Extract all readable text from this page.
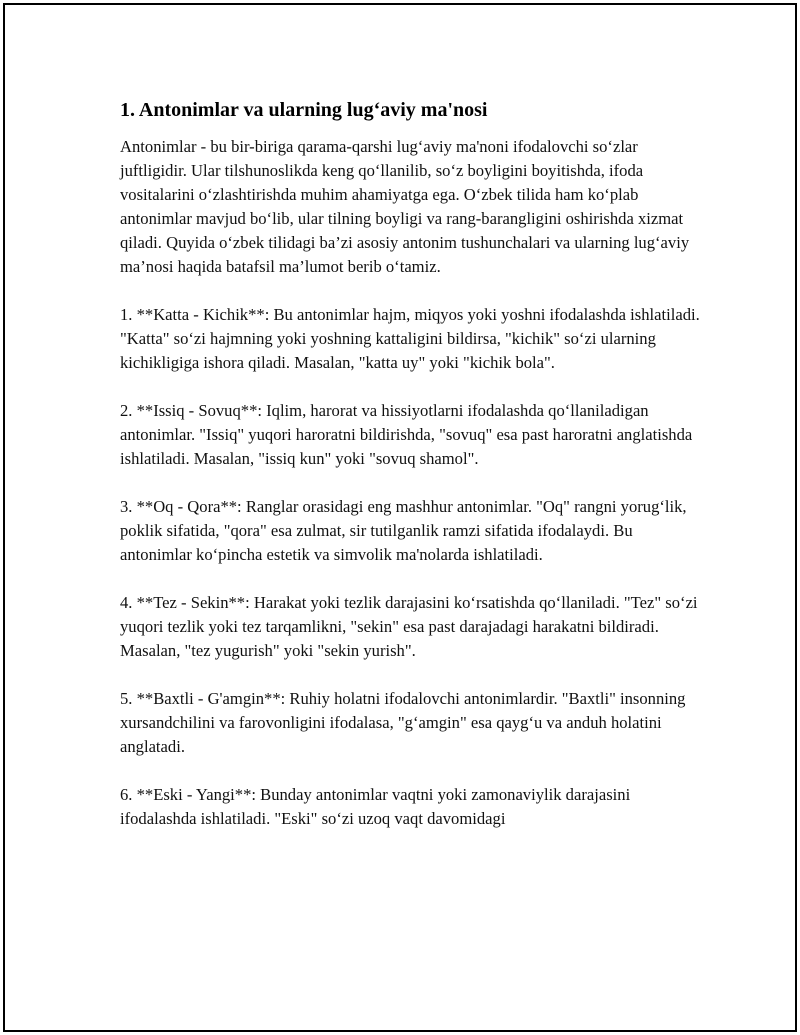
1. Antonimlar va ularning lug‘aviy ma'nosi

Antonimlar - bu bir-biriga qarama-qarshi lug‘aviy ma'noni ifodalovchi so‘zlar juftligidir. Ular tilshunoslikda keng qo‘llanilib, so‘z boyligini boyitishda, ifoda vositalarini o‘zlashtirishda muhim ahamiyatga ega. O‘zbek tilida ham ko‘plab antonimlar mavjud bo‘lib, ular tilning boyligi va rang-barangligini oshirishda xizmat qiladi. Quyida o‘zbek tilidagi ba’zi asosiy antonim tushunchalari va ularning lug‘aviy ma’nosi haqida batafsil ma’lumot berib o‘tamiz.

1. **Katta - Kichik**: Bu antonimlar hajm, miqyos yoki yoshni ifodalashda ishlatiladi. "Katta" so‘zi hajmning yoki yoshning kattaligini bildirsa, "kichik" so‘zi ularning kichikligiga ishora qiladi. Masalan, "katta uy" yoki "kichik bola".

2. **Issiq - Sovuq**: Iqlim, harorat va hissiyotlarni ifodalashda qo‘llaniladigan antonimlar. "Issiq" yuqori haroratni bildirishda, "sovuq" esa past haroratni anglatishda ishlatiladi. Masalan, "issiq kun" yoki "sovuq shamol".

3. **Oq - Qora**: Ranglar orasidagi eng mashhur antonimlar. "Oq" rangni yorug‘lik, poklik sifatida, "qora" esa zulmat, sir tutilganlik ramzi sifatida ifodalaydi. Bu antonimlar ko‘pincha estetik va simvolik ma'nolarda ishlatiladi.

4. **Tez - Sekin**: Harakat yoki tezlik darajasini ko‘rsatishda qo‘llaniladi. "Tez" so‘zi yuqori tezlik yoki tez tarqamlikni, "sekin" esa past darajadagi harakatni bildiradi. Masalan, "tez yugurish" yoki "sekin yurish".

5. **Baxtli - G'amgin**: Ruhiy holatni ifodalovchi antonimlardir. "Baxtli" insonning xursandchilini va farovonligini ifodalasa, "g‘amgin" esa qayg‘u va anduh holatini anglatadi.

6. **Eski - Yangi**: Bunday antonimlar vaqtni yoki zamonaviylik darajasini ifodalashda ishlatiladi. "Eski" so‘zi uzoq vaqt davomidagi
